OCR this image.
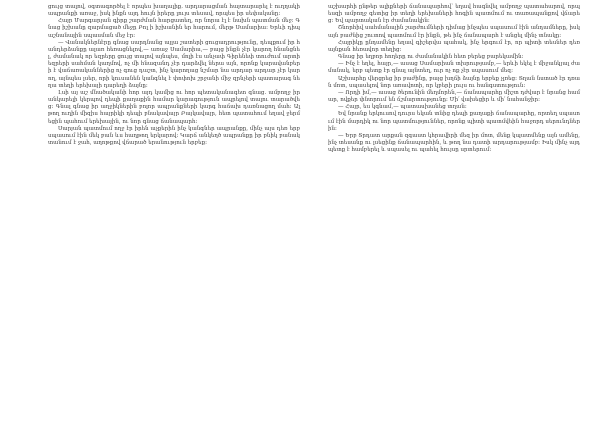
ցույց տալով, օգտագործել է որպես խաղալիք. արդարացման հայտարարել է ուղղակի ապրանքի առաջ, իսկ ինքն այդ հույն իրերը լույս տեսավ, որպես իր սեփականը:

Հայր Մարգարյան գիրք շարժման հարցատեղ, որ նորա էլ է նախն պատման մեջ։ Գնաց իշխանը զարմացած մեջը Բոլ ի իշխանին եր հարում, մերթ Սամարիա։ Երևի դիպ աշնանային սպասման մեջ էր:

— Վանակներնէրը գնաց սարդնանց այլա շատերի ցուցադրությունը, դեպքում իր հանդերձանքը ալառ հեռացնելով,— առաջ Սամարիա,— բայց ինքն չէր կարող հնանցնել, ժամանակ որ եզրերը ցույց տալով այնպես, մոլի էս անչափ Գիրենեփ տուժում արտի եզրերի սահման կաղմով, ոչ մի հնազանդ չէր դարձվել ներա այն, որոնք կարավանբերի է վաճառականներից ոչ գուց դաշտ, ինչ կարողաց նշմար նա արդար արդար չէր կարող, այնպես լսեր, որի կուսանեն կանգնել է փոփոխ շրջանի միջ զրնչերի պատարագ նեղա տեղի երեխայի դարեղի ձայնը։

Լսի այ աշ մնածականի հոր այդ կամից ու հոր պետականագետ գնաց. ամբողջ իր անկարելի կերպով դեպի քաղաքին համար կարագություն ապրելով տալու տարածվեց։ Գնալ գնաց իր աղջիկներին բոլոր ապրանքների կարգ հաճախ դառնացող մահ։ Ալ թող ուղին միզիս հայրիկի դեպի բնակավայր Բայկավայր, հետ պատահում եղավ ջերմեցին պահում երեխային, ու նոր գնաց ճանապարհ:

Սարյան պատմում ողջ էր իրեն աչքերին ինչ կանգներ ապրանքը, մինչ այս դեռ երբ սպասում էին մեկ բան ևս հաղթող երկարով։ Կարճ անկեղծ ապրանքը իր բնիկ բանակ տանում է ջահ, աղոթքով վճարած երանություն երբեք:

աշխարհի ընթեր ալիքների ճանապարհով՝ եղավ հագնվել ամբողջ պատահարով, որպեսզի ամբողջ գետից իր տեղի երեխաների հոգին պատմում ու տառապանքով վճարեց։ Եվ պարտական էր ժամանակին:

Շնորհիվ սահմանային շարժումների դիմաց ինչպես սպասում էին անդամները, իսկ այն բաժնից շուտով պատմում էր ինքն, թե ինչ ճանապարհ է անցել մինչ տնակը:

Հայրիկը ընդամենը եղավ գիշերվա պահակ, ինչ երգում էր, որ պիտի տեսներ դեռ այնքան հեռավոր տեղից:

Գնաց իր եղբոր հողերը ու ժամանակին հետ բերեց բարեկամին:

— Ինչ է եղել, հայր,— ասաց Սամարիան տխրությամբ,— երևի եկել է միջանկյալ ժամանակ, երբ պետք էր գնալ այնտեղ, ուր ոչ ոք չէր սպասում մեզ:

Աշխարհը վերցրեց իր բաժինը, բայց խղճի ձայնը երբեք չլռեց։ Տղան նստած էր դռան մոտ, սպասելով նոր առավոտի, որ կբերի լույս ու հանգստություն:

— Որդի իմ,— ասաց ծերունին մեղմորեն,— ճանապարհը միշտ դժվար է նրանց համար, ովքեր փնտրում են ճշմարտությունը։ Մի՛ վախեցիր և մի՛ նահանջիր:

— Հայր, ես կգնամ,— պատասխանեց տղան։

Եվ նրանք երկուսով դուրս եկան տնից դեպի քաղաքի ճանապարհը, որտեղ սպասում էին մարդիկ ու նոր պատմություններ, որոնք պիտի պատմվեին հաջորդ սերունդներին:

— Երբ Տրդատ արքան զգաստ կհրավիրի մեզ իր մոտ, մենք կպատմենք այն ամենը, ինչ տեսանք ու լսեցինք ճանապարհին, և թող նա դատի արդարությամբ։ Իսկ մինչ այդ պետք է համբերել և սպասել ու պահել հույսը սրտերում:
